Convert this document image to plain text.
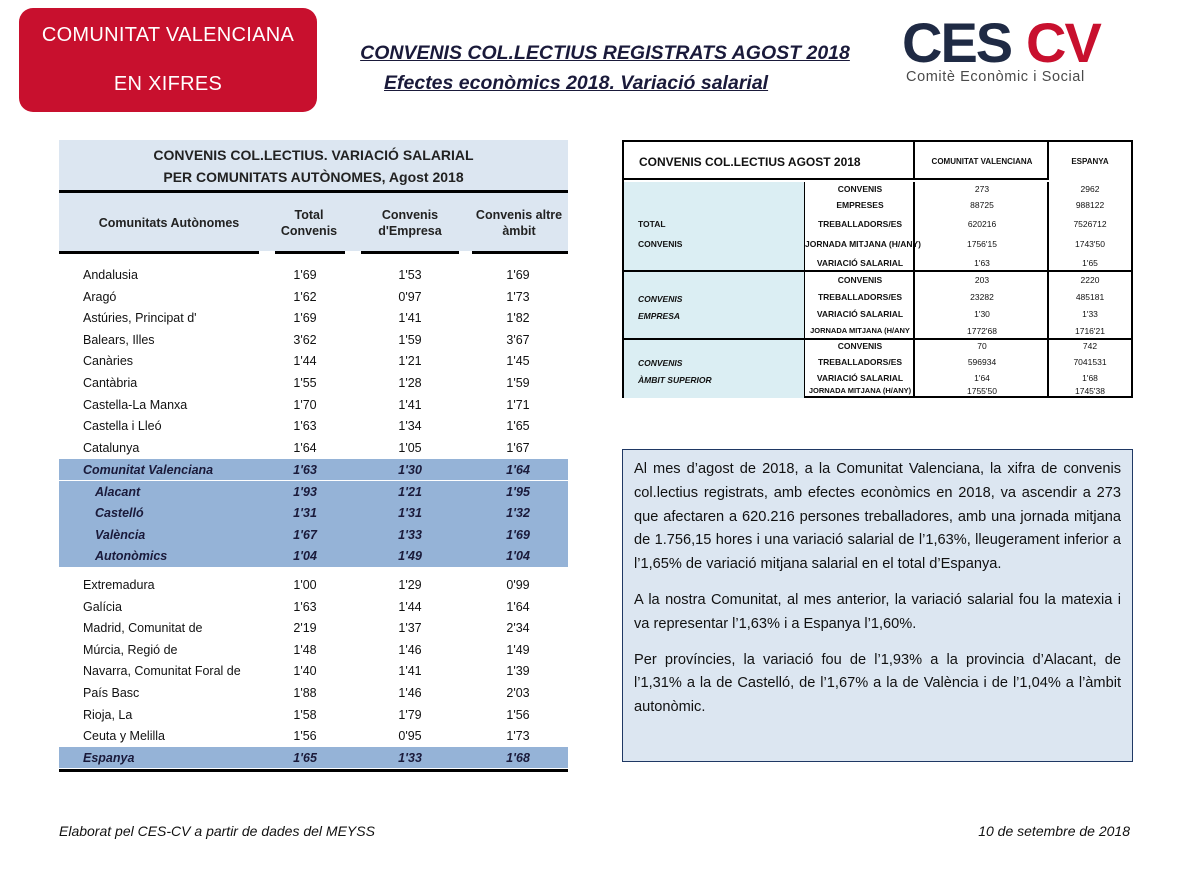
COMUNITAT VALENCIANA
EN XIFRES
CONVENIS COL.LECTIUS REGISTRATS AGOST 2018
Efectes econòmics 2018. Variació salarial
CES CV
Comitè Econòmic i Social
CONVENIS COL.LECTIUS. VARIACIÓ SALARIAL
PER COMUNITATS AUTÒNOMES, Agost 2018
Comunitats Autònomes
Total
Convenis
Convenis
d'Empresa
Convenis altre
àmbit
Andalusia	1'69	1'53	1'69
Aragó	1'62	0'97	1'73
Astúries, Principat d'	1'69	1'41	1'82
Balears, Illes	3'62	1'59	3'67
Canàries	1'44	1'21	1'45
Cantàbria	1'55	1'28	1'59
Castella-La Manxa	1'70	1'41	1'71
Castella i Lleó	1'63	1'34	1'65
Catalunya	1'64	1'05	1'67
Comunitat Valenciana	1'63	1'30	1'64
Alacant	1'93	1'21	1'95
Castelló	1'31	1'31	1'32
València	1'67	1'33	1'69
Autonòmics	1'04	1'49	1'04
Extremadura	1'00	1'29	0'99
Galícia	1'63	1'44	1'64
Madrid, Comunitat de	2'19	1'37	2'34
Múrcia, Regió de	1'48	1'46	1'49
Navarra, Comunitat Foral de	1'40	1'41	1'39
País Basc	1'88	1'46	2'03
Rioja, La	1'58	1'79	1'56
Ceuta y Melilla	1'56	0'95	1'73
Espanya	1'65	1'33	1'68
CONVENIS COL.LECTIUS AGOST 2018	COMUNITAT VALENCIANA	ESPANYA
TOTAL
CONVENIS
CONVENIS	273	2962
EMPRESES	88725	988122
TREBALLADORS/ES	620216	7526712
JORNADA MITJANA (H/ANY)	1756'15	1743'50
VARIACIÓ SALARIAL	1'63	1'65
CONVENIS
EMPRESA
CONVENIS	203	2220
TREBALLADORS/ES	23282	485181
VARIACIÓ SALARIAL	1'30	1'33
JORNADA MITJANA (H/ANY	1772'68	1716'21
CONVENIS
ÀMBIT SUPERIOR
CONVENIS	70	742
TREBALLADORS/ES	596934	7041531
VARIACIÓ SALARIAL	1'64	1'68
JORNADA MITJANA (H/ANY)	1755'50	1745'38

Al mes d’agost de 2018, a la Comunitat Valenciana, la xifra de convenis col.lectius registrats, amb efectes econòmics en 2018, va ascendir a 273 que afectaren a 620.216 persones treballadores, amb una jornada mitjana de 1.756,15 hores i una variació salarial de l’1,63%, lleugerament inferior a l’1,65% de variació mitjana salarial en el total d’Espanya.

A la nostra Comunitat, al mes anterior, la variació salarial fou la matexia i va representar l’1,63% i a Espanya l’1,60%.

Per províncies, la variació fou de l’1,93% a la provincia d’Alacant, de l’1,31% a la de Castelló, de l’1,67% a la de València i de l’1,04% a l’àmbit autonòmic.

Elaborat pel CES-CV a partir de dades del MEYSS	10 de setembre de 2018
